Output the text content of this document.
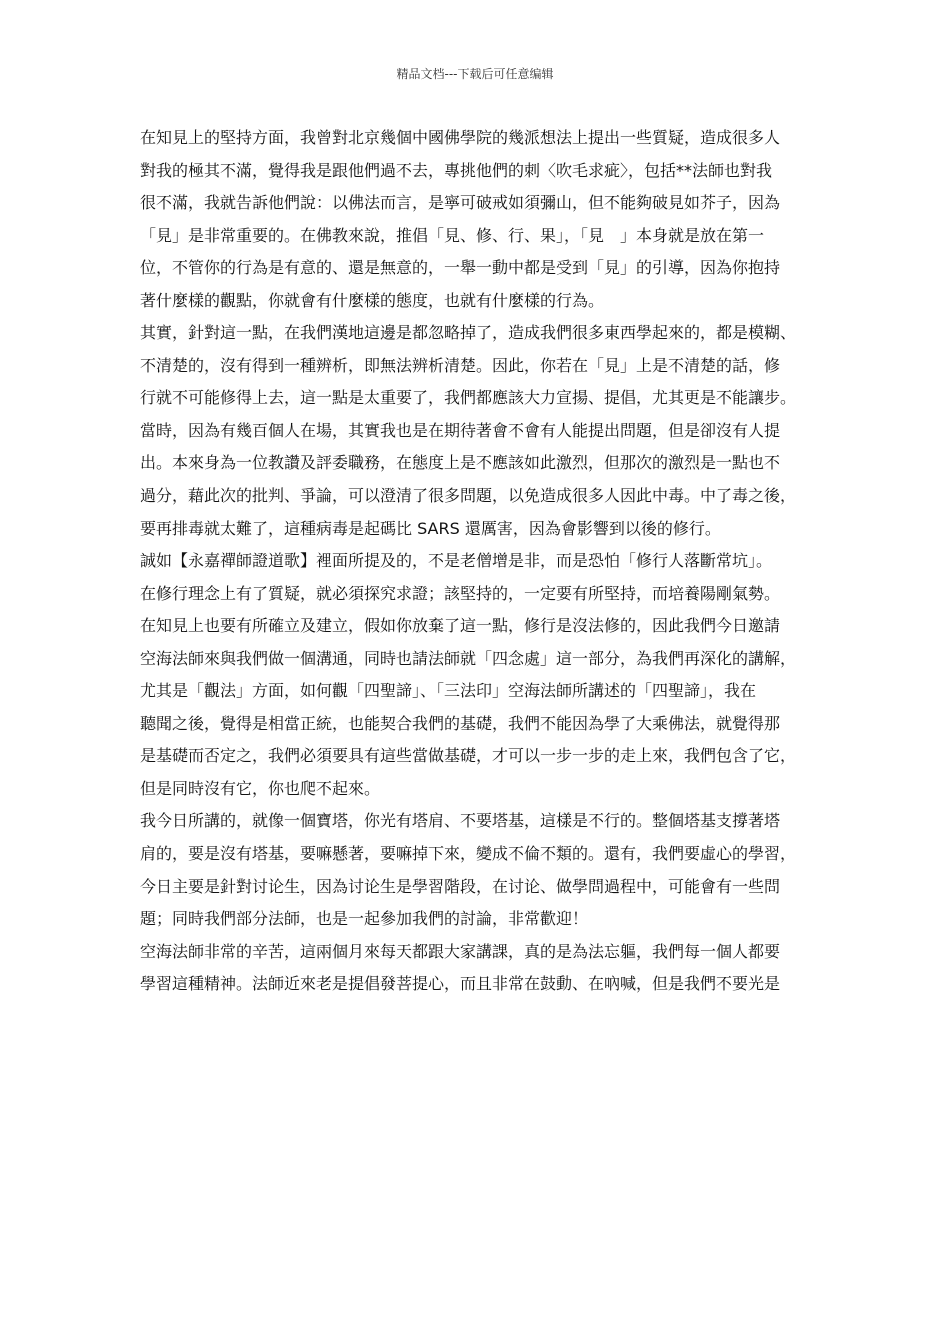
精品文档---下载后可任意编辑
在知見上的堅持方面，我曾對北京幾個中國佛學院的幾派想法上提出一些質疑，造成很多人
對我的極其不滿，覺得我是跟他們過不去，專挑他們的刺〈吹毛求疵〉，包括**法師也對我
很不滿，我就告訴他們說：以佛法而言，是寧可破戒如須彌山，但不能夠破見如芥子，因為
「見」是非常重要的。在佛教來說，推倡「見、修、行、果」，「見　」本身就是放在第一
位，不管你的行為是有意的、還是無意的，一舉一動中都是受到「見」的引導，因為你抱持
著什麼樣的觀點，你就會有什麼樣的態度，也就有什麼樣的行為。
其實，針對這一點，在我們漢地這邊是都忽略掉了，造成我們很多東西學起來的，都是模糊、
不清楚的，沒有得到一種辨析，即無法辨析清楚。因此，你若在「見」上是不清楚的話，修
行就不可能修得上去，這一點是太重要了，我們都應該大力宣揚、提倡，尤其更是不能讓步。
當時，因為有幾百個人在場，其實我也是在期待著會不會有人能提出問題，但是卻沒有人提
出。本來身為一位教讚及評委職務，在態度上是不應該如此激烈，但那次的激烈是一點也不
過分，藉此次的批判、爭論，可以澄清了很多問題，以免造成很多人因此中毒。中了毒之後，
要再排毒就太難了，這種病毒是起碼比 SARS 還厲害，因為會影響到以後的修行。
誠如【永嘉禪師證道歌】裡面所提及的，不是老僧增是非，而是恐怕「修行人落斷常坑」。
在修行理念上有了質疑，就必須探究求證；該堅持的，一定要有所堅持，而培養陽剛氣勢。
在知見上也要有所確立及建立，假如你放棄了這一點，修行是沒法修的，因此我們今日邀請
空海法師來與我們做一個溝通，同時也請法師就「四念處」這一部分，為我們再深化的講解，
尤其是「觀法」方面，如何觀「四聖諦」、「三法印」空海法師所講述的「四聖諦」，我在
聽聞之後，覺得是相當正統，也能契合我們的基礎，我們不能因為學了大乘佛法，就覺得那
是基礎而否定之，我們必須要具有這些當做基礎，才可以一步一步的走上來，我們包含了它，
但是同時沒有它，你也爬不起來。
我今日所講的，就像一個寶塔，你光有塔肩、不要塔基，這樣是不行的。整個塔基支撐著塔
肩的，要是沒有塔基，要嘛懸著，要嘛掉下來，變成不倫不類的。還有，我們要虛心的學習，
今日主要是針對讨论生，因為讨论生是學習階段，在讨论、做學問過程中，可能會有一些問
題；同時我們部分法師，也是一起參加我們的討論，非常歡迎！
空海法師非常的辛苦，這兩個月來每天都跟大家講課，真的是為法忘軀，我們每一個人都要
學習這種精神。法師近來老是提倡發菩提心，而且非常在鼓動、在吶喊，但是我們不要光是
